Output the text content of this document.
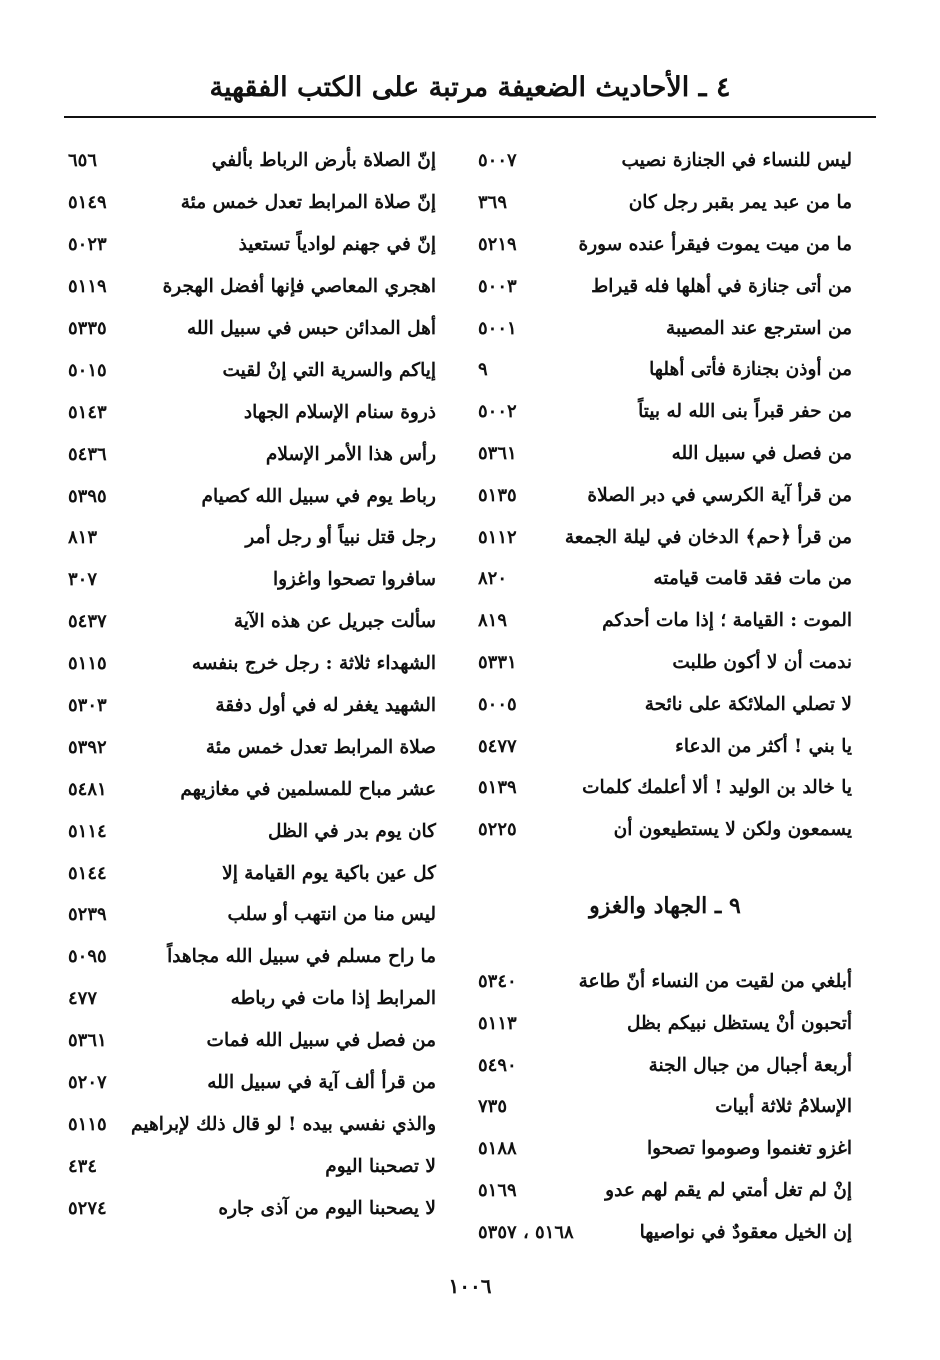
٤ ـ الأحاديث الضعيفة مرتبة على الكتب الفقهية
ليس للنساء في الجنازة نصيب
٥٠٠٧
ما من عبد يمر بقبر رجل كان
٣٦٩
ما من ميت يموت فيقرأ عنده سورة
٥٢١٩
من أتى جنازة في أهلها فله قيراط
٥٠٠٣
من استرجع عند المصيبة
٥٠٠١
من أوذن بجنازة فأتى أهلها
٩
من حفر قبراً بنى الله له بيتاً
٥٠٠٢
من فصل في سبيل الله
٥٣٦١
من قرأ آية الكرسي في دبر الصلاة
٥١٣٥
من قرأ ﴿حم﴾ الدخان في ليلة الجمعة
٥١١٢
من مات فقد قامت قيامته
٨٢٠
الموت : القيامة ؛ إذا مات أحدكم
٨١٩
ندمت أن لا أكون طلبت
٥٣٣١
لا تصلي الملائكة على نائحة
٥٠٠٥
يا بني ! أكثر من الدعاء
٥٤٧٧
يا خالد بن الوليد ! ألا أعلمك كلمات
٥١٣٩
يسمعون ولكن لا يستطيعون أن
٥٢٢٥
٩ ـ الجهاد والغزو
أبلغي من لقيت من النساء أنّ طاعة
٥٣٤٠
أتحبون أنْ يستظل نبيكم بظل
٥١١٣
أربعة أجبال من جبال الجنة
٥٤٩٠
الإسلامُ ثلاثة أبيات
٧٣٥
اغزو تغنموا وصوموا تصحوا
٥١٨٨
إنْ لم تغل أمتي لم يقم لهم عدو
٥١٦٩
إن الخيل معقودٌ في نواصيها
٥١٦٨ ، ٥٣٥٧
إنّ الصلاة بأرض الرباط بألفي
٦٥٦
إنّ صلاة المرابط تعدل خمس مئة
٥١٤٩
إنّ في جهنم لوادياً تستعيذ
٥٠٢٣
اهجري المعاصي فإنها أفضل الهجرة
٥١١٩
أهل المدائن حبس في سبيل الله
٥٣٣٥
إياكم والسرية التي إنْ لقيت
٥٠١٥
ذروة سنام الإسلام الجهاد
٥١٤٣
رأس هذا الأمر الإسلام
٥٤٣٦
رباط يوم في سبيل الله كصيام
٥٣٩٥
رجل قتل نبياً أو رجل أمر
٨١٣
سافروا تصحوا واغزوا
٣٠٧
سألت جبريل عن هذه الآية
٥٤٣٧
الشهداء ثلاثة : رجل خرج بنفسه
٥١١٥
الشهيد يغفر له في أول دفقة
٥٣٠٣
صلاة المرابط تعدل خمس مئة
٥٣٩٢
عشر مباح للمسلمين في مغازيهم
٥٤٨١
كان يوم بدر في الظل
٥١١٤
كل عين باكية يوم القيامة إلا
٥١٤٤
ليس منا من انتهب أو سلب
٥٢٣٩
ما راح مسلم في سبيل الله مجاهداً
٥٠٩٥
المرابط إذا مات في رباطه
٤٧٧
من فصل في سبيل الله فمات
٥٣٦١
من قرأ ألف آية في سبيل الله
٥٢٠٧
والذي نفسي بيده ! لو قال ذلك لإبراهيم
٥١١٥
لا تصحبنا اليوم
٤٣٤
لا يصحبنا اليوم من آذى جاره
٥٢٧٤
١٠٠٦
